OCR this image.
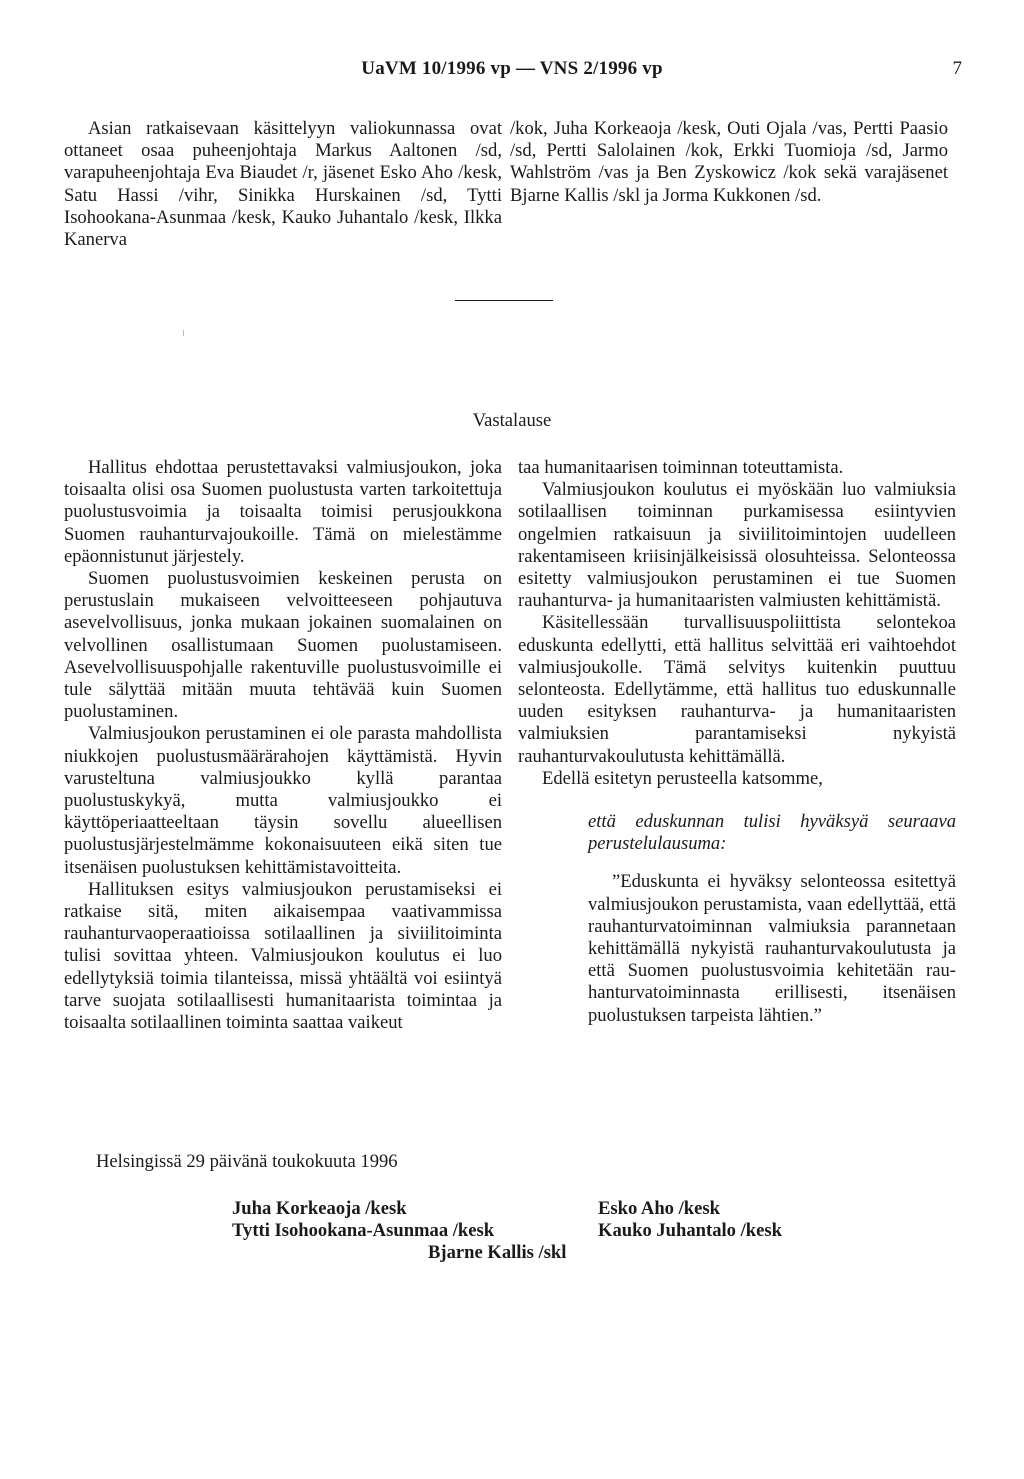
UaVM 10/1996 vp — VNS 2/1996 vp	7

Asian ratkaisevaan käsittelyyn valiokunnassa ovat ottaneet osaa puheenjohtaja Markus Aaltonen /sd, varapuheenjohtaja Eva Biaudet /r, jäsenet Esko Aho /kesk, Satu Hassi /vihr, Sinikka Hurskainen /sd, Tytti Isohookana-Asunmaa /kesk, Kauko Juhantalo /kesk, Ilkka Kanerva

/kok, Juha Korkeaoja /kesk, Outi Ojala /vas, Pertti Paasio /sd, Pertti Salolainen /kok, Erkki Tuomioja /sd, Jarmo Wahlström /vas ja Ben Zyskowicz /kok sekä varajäsenet Bjarne Kallis /skl ja Jorma Kukkonen /sd.

Vastalause

Hallitus ehdottaa perustettavaksi valmiusjoukon, joka toisaalta olisi osa Suomen puolustusta varten tarkoitettuja puolustusvoimia ja toisaalta toimisi perusjoukkona Suomen rauhanturvajoukoille. Tämä on mielestämme epäonnistunut järjestely.

Suomen puolustusvoimien keskeinen perusta on perustuslain mukaiseen velvoitteeseen pohjautuva asevelvollisuus, jonka mukaan jokainen suomalainen on velvollinen osallistumaan Suomen puolustamiseen. Asevelvollisuuspohjalle rakentuville puolustusvoimille ei tule sälyttää mitään muuta tehtävää kuin Suomen puolustaminen.

Valmiusjoukon perustaminen ei ole parasta mahdollista niukkojen puolustusmäärärahojen käyttämistä. Hyvin varusteltuna valmiusjoukko kyllä parantaa puolustuskykyä, mutta valmiusjoukko ei käyttöperiaatteeltaan täysin sovellu alueellisen puolustusjärjestelmämme kokonaisuuteen eikä siten tue itsenäisen puolustuksen kehittämistavoitteita.

Hallituksen esitys valmiusjoukon perustamiseksi ei ratkaise sitä, miten aikaisempaa vaativammissa rauhanturvaoperaatioissa sotilaallinen ja siviilitoiminta tulisi sovittaa yhteen. Valmiusjoukon koulutus ei luo edellytyksiä toimia tilanteissa, missä yhtäältä voi esiintyä tarve suojata sotilaallisesti humanitaarista toimintaa ja toisaalta sotilaallinen toiminta saattaa vaikeut

taa humanitaarisen toiminnan toteuttamista.

Valmiusjoukon koulutus ei myöskään luo valmiuksia sotilaallisen toiminnan purkamisessa esiintyvien ongelmien ratkaisuun ja siviilitoimintojen uudelleen rakentamiseen kriisinjälkeisissä olosuhteissa. Selonteossa esitetty valmiusjoukon perustaminen ei tue Suomen rauhanturva- ja humanitaaristen valmiusten kehittämistä.

Käsitellessään turvallisuuspoliittista selontekoa eduskunta edellytti, että hallitus selvittää eri vaihtoehdot valmiusjoukolle. Tämä selvitys kuitenkin puuttuu selonteosta. Edellytämme, että hallitus tuo eduskunnalle uuden esityksen rauhanturva- ja humanitaaristen valmiuksien parantamiseksi nykyistä rauhanturvakoulutusta kehittämällä.

Edellä esitetyn perusteella katsomme,

että eduskunnan tulisi hyväksyä seuraava perustelulausuma:

”Eduskunta ei hyväksy selonteossa esitettyä valmiusjoukon perustamista, vaan edellyttää, että rauhanturvatoiminnan valmiuksia parannetaan kehittämällä nykyistä rauhanturvakoulutusta ja että Suomen puolustusvoimia kehitetään rauhanturvatoiminnasta erillisesti, itsenäisen puolustuksen tarpeista lähtien.”

Helsingissä 29 päivänä toukokuuta 1996
Juha Korkeaoja /kesk
Tytti Isohookana-Asunmaa /kesk
Esko Aho /kesk
Kauko Juhantalo /kesk
Bjarne Kallis /skl
